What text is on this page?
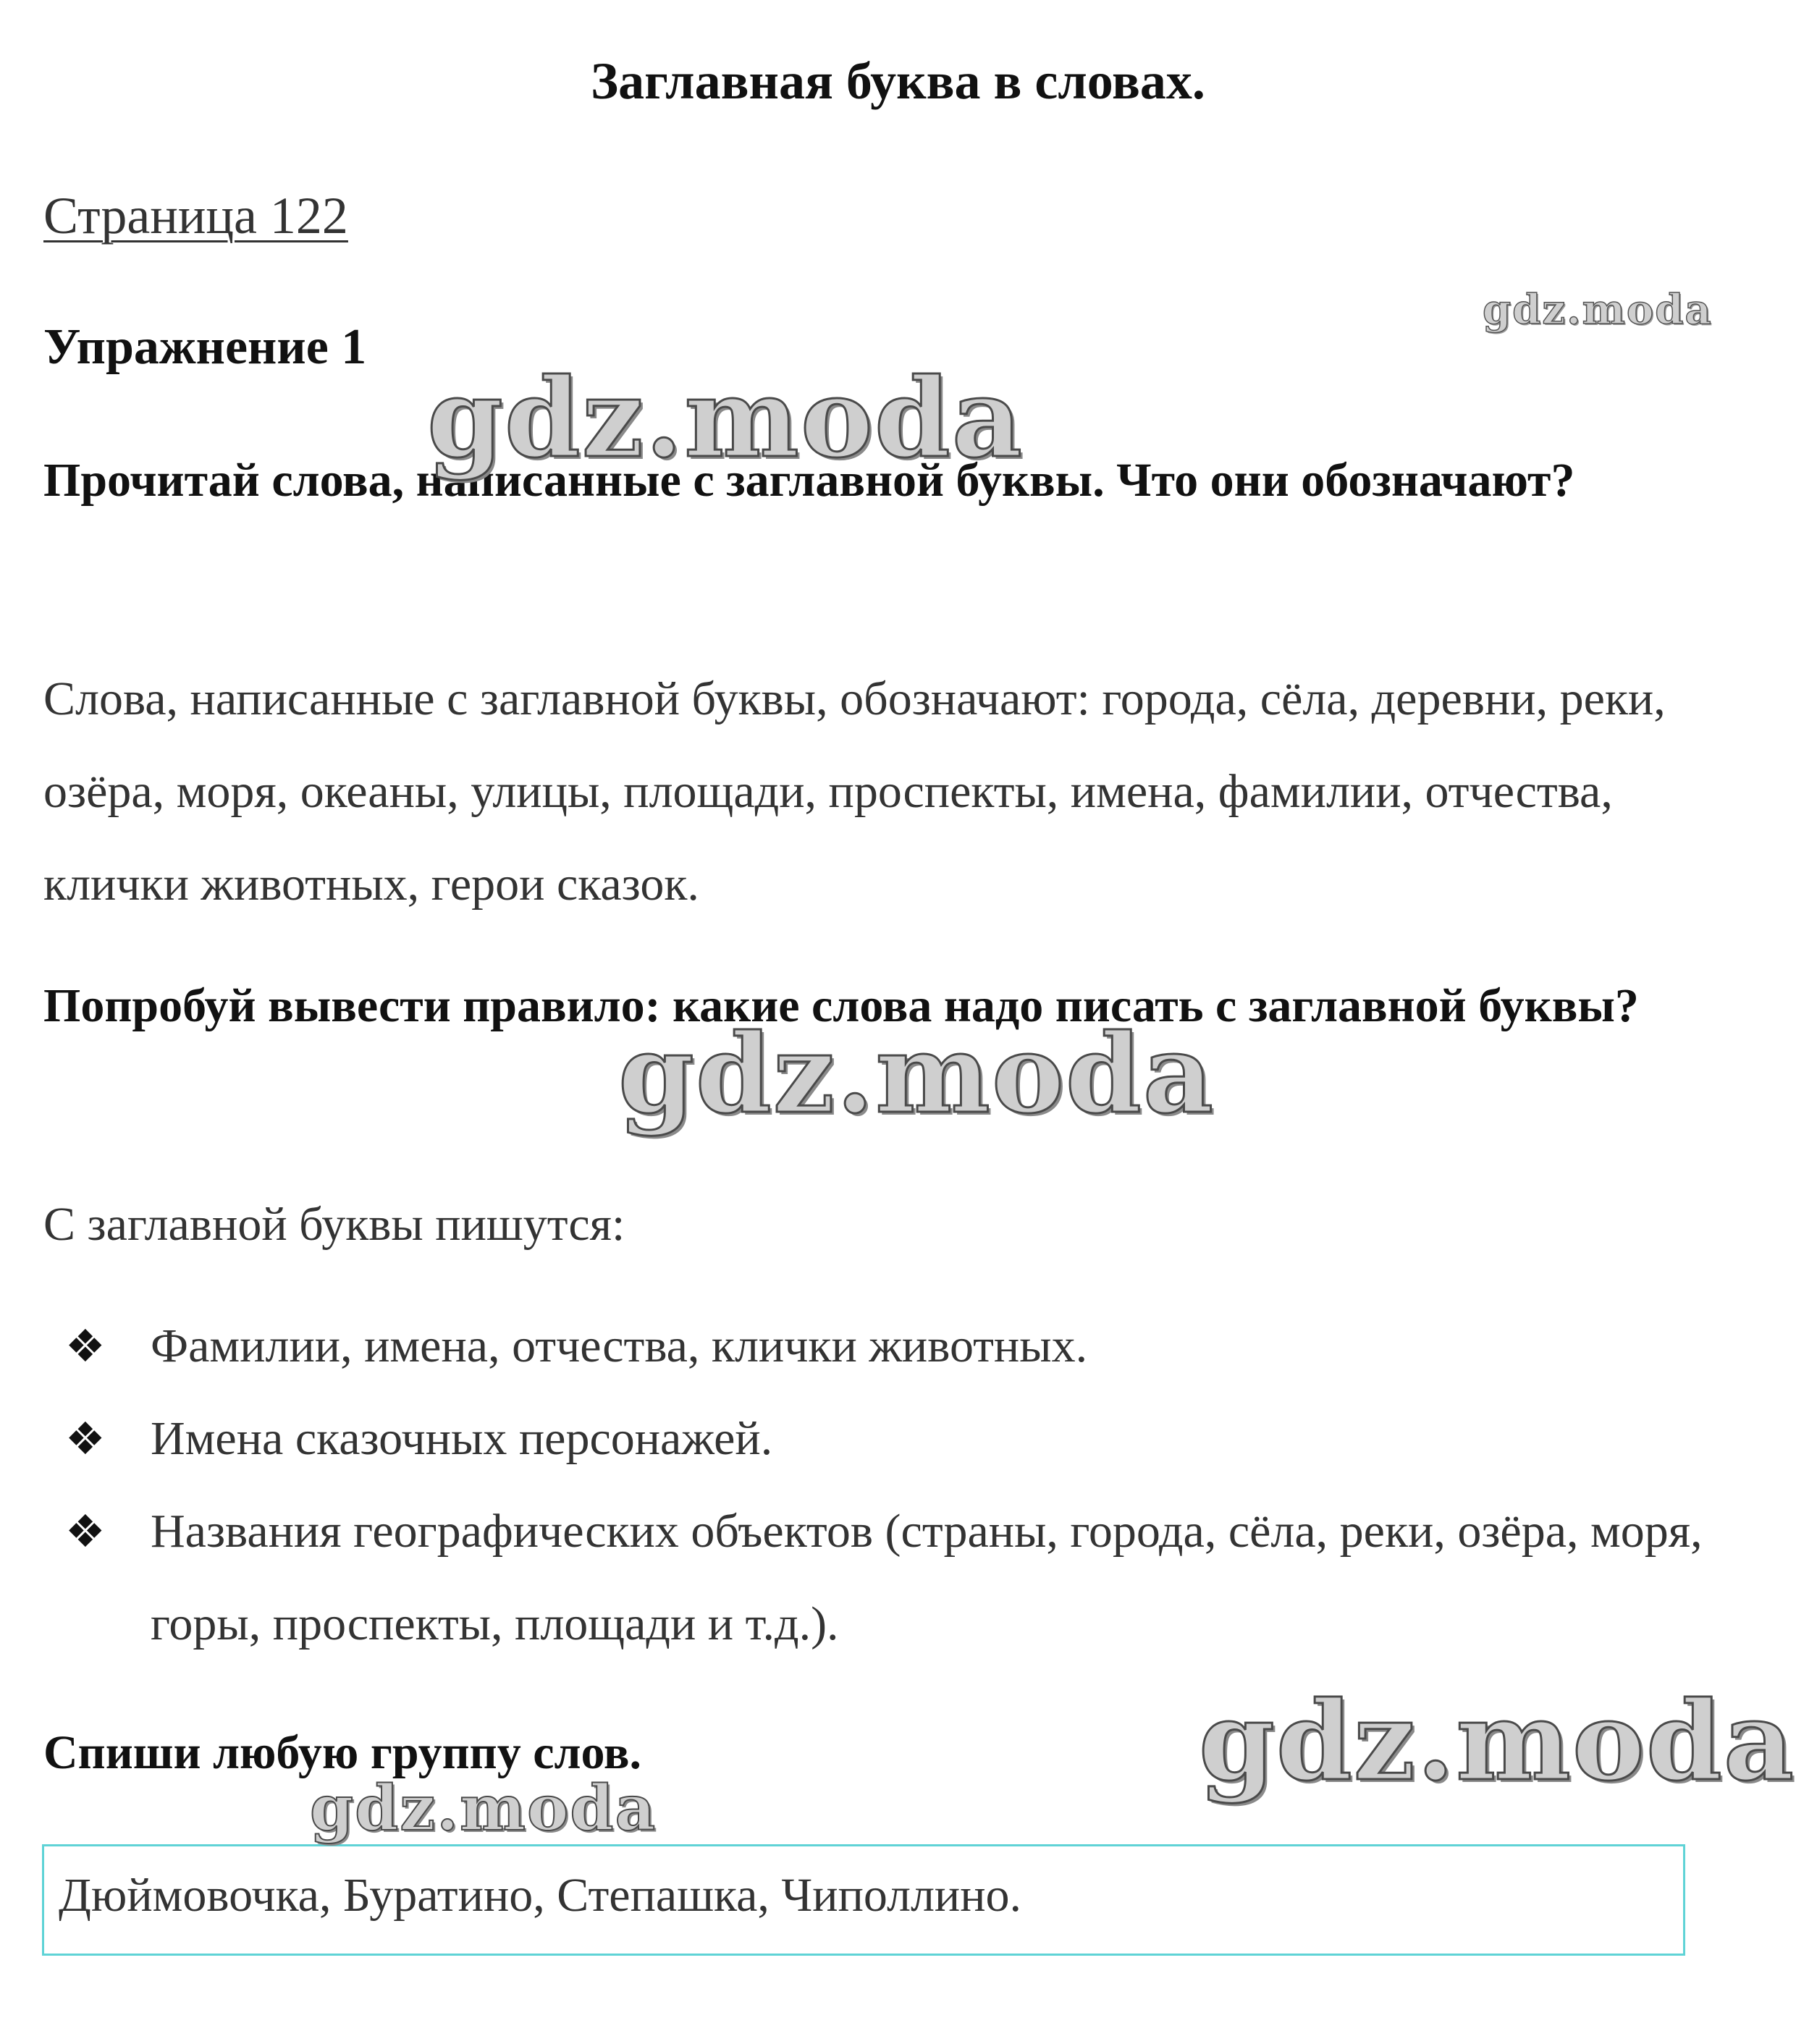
Заглавная буква в словах.
Страница 122
Упражнение 1
Прочитай слова, написанные с заглавной буквы. Что они обозначают?
Слова, написанные с заглавной буквы, обозначают: города, сёла, деревни, реки, озёра, моря, океаны, улицы, площади, проспекты, имена, фамилии, отчества, клички животных, герои сказок.
Попробуй вывести правило: какие слова надо писать с заглавной буквы?
С заглавной буквы пишутся:
❖ Фамилии, имена, отчества, клички животных.
❖ Имена сказочных персонажей.
❖ Названия географических объектов (страны, города, сёла, реки, озёра, моря, горы, проспекты, площади и т.д.).
Спиши любую группу слов.
Дюймовочка, Буратино, Степашка, Чиполлино.
gdz.moda
gdz.moda
gdz.moda
gdz.moda
gdz.moda
